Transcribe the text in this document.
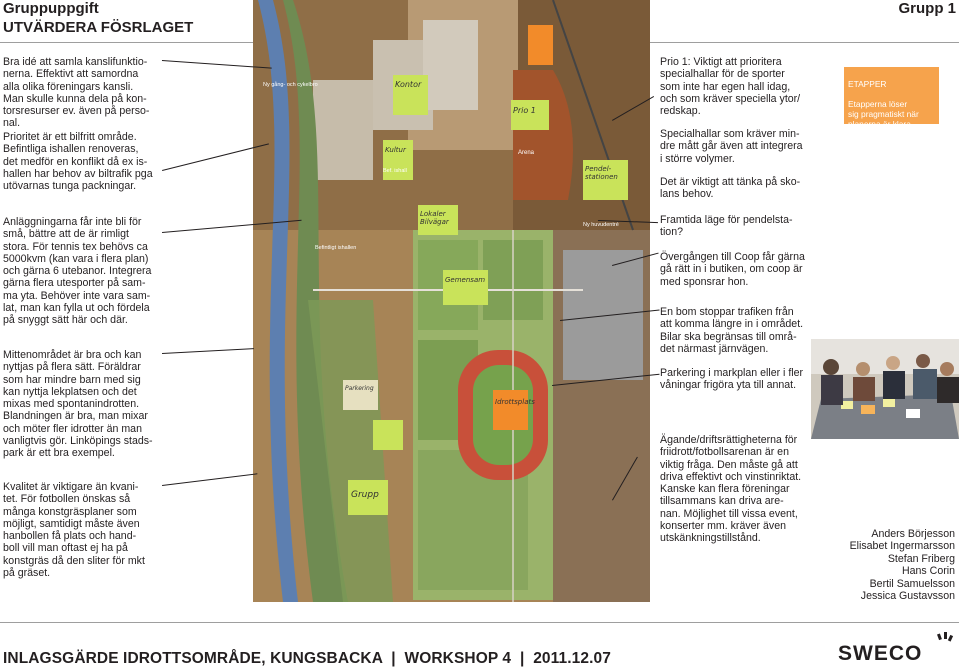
Gruppuppgift
UTVÄRDERA FÖSRLAGET
Grupp 1
Bra idé att samla kanslifunktio-
nerna. Effektivt att samordna
alla olika föreningars kansli.
Man skulle kunna dela på kon-
torsresurser ev. även på perso-
nal.
Prioritet är ett bilfritt område.
Befintliga ishallen renoveras,
det medför en konflikt då ex is-
hallen har behov av biltrafik pga
utövarnas tunga packningar.
Anläggningarna får inte bli för
små, bättre att de är rimligt
stora. För tennis tex behövs ca
5000kvm (kan vara i flera plan)
och gärna 6 utebanor. Integrera
gärna flera utesporter på sam-
ma yta. Behöver inte vara sam-
lat, man kan fylla ut och fördela
på snyggt sätt här och där.
Mittenområdet är bra och kan
nyttjas på flera sätt. Föräldrar
som har mindre barn med sig
kan nyttja lekplatsen och det
mixas med spontanindrotten.
Blandningen är bra, man mixar
och möter fler idrotter än man
vanligtvis gör. Linköpings stads-
park är ett bra exempel.
Kvalitet är viktigare än kvani-
tet. För fotbollen önskas så
många konstgräsplaner som
möjligt, samtidigt måste även
hanbollen få plats och hand-
boll vill man oftast ej ha på
konstgräs då den sliter för mkt
på gräset.
Kontor
Prio 1
Kultur
Pendel-stationen
Lokaler Bilvägar
Gemensam
Idrottsplats
Grupp
Parkering
Ny gång- och cykelbro
Ny huvudentré
Arena
Bef. ishall
Befintligt ishallen
Prio 1: Viktigt att prioritera
specialhallar för de sporter
som inte har egen hall idag,
och som kräver speciella ytor/
redskap.
Specialhallar som kräver min-
dre mått går även att integrera
i större volymer.
Det är viktigt att tänka på sko-
lans behov.
Framtida läge för pendelsta-
tion?
Övergången till Coop får gärna
gå rätt in i butiken, om coop är
med sponsrar hon.
En bom stoppar trafiken från
att komma längre in i området.
Bilar ska begränsas till områ-
det närmast järnvägen.
Parkering i markplan eller i fler
våningar frigöra yta till annat.
Ägande/driftsrättigheterna för
friidrott/fotbollsarenan är en
viktig fråga. Den måste gå att
driva effektivt och vinstinriktat.
Kanske kan flera föreningar
tillsammans kan driva are-
nan. Möjlighet till vissa event,
konserter mm. kräver även
utskänkningstillstånd.

ETAPPER

Etapperna löser
sig pragmatiskt när
planerna är klara.

Anders Börjesson
Elisabet Ingermarsson
Stefan Friberg
Hans Corin
Bertil Samuelsson
Jessica Gustavsson
INLAGSGÄRDE IDROTTSOMRÅDE, KUNGSBACKA  |  WORKSHOP 4  |  2011.12.07	SWECO
